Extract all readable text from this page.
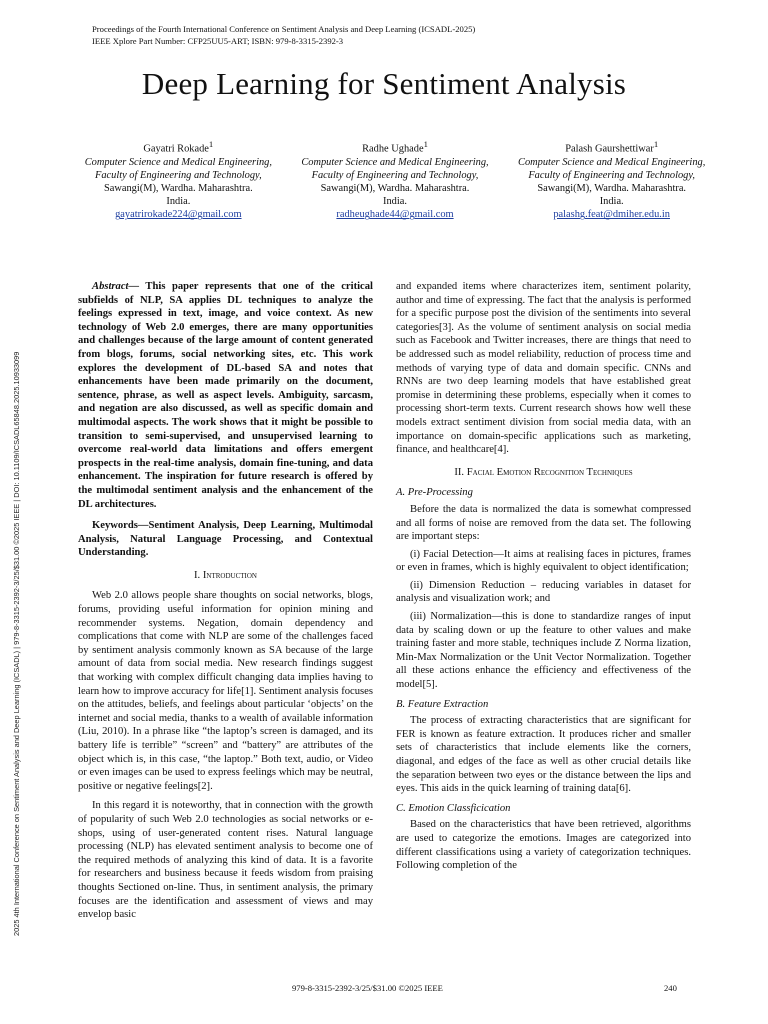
Proceedings of the Fourth International Conference on Sentiment Analysis and Deep Learning (ICSADL-2025)
IEEE Xplore Part Number: CFP25UU5-ART; ISBN: 979-8-3315-2392-3
Deep Learning for Sentiment Analysis
Gayatri Rokade$^1$
Computer Science and Medical Engineering,
Faculty of Engineering and Technology,
Sawangi(M), Wardha. Maharashtra.
India.
gayatrirokade224@gmail.com
Radhe Ughade$^1$
Computer Science and Medical Engineering,
Faculty of Engineering and Technology,
Sawangi(M), Wardha. Maharashtra.
India.
radheughade44@gmail.com
Palash Gaurshettiwar$^1$
Computer Science and Medical Engineering,
Faculty of Engineering and Technology,
Sawangi(M), Wardha. Maharashtra.
India.
palashg.feat@dmiher.edu.in
2025 4th International Conference on Sentiment Analysis and Deep Learning (ICSADL) | 979-8-3315-2392-3/25/$31.00 ©2025 IEEE | DOI: 10.1109/ICSADL65848.2025.10933099

Abstract— This paper represents that one of the critical subfields of NLP, SA applies DL techniques to analyze the feelings expressed in text, image, and voice context. As new technology of Web 2.0 emerges, there are many opportunities and challenges because of the large amount of content generated from blogs, forums, social networking sites, etc. This work explores the development of DL-based SA and notes that enhancements have been made primarily on the document, sentence, phrase, as well as aspect levels. Ambiguity, sarcasm, and negation are also discussed, as well as specific domain and multimodal aspects. The work shows that it might be possible to transition to semi-supervised, and unsupervised learning to overcome real-world data limitations and offers emergent prospects in the real-time analysis, domain fine-tuning, and data enhancement. The inspiration for future research is offered by the multimodal sentiment analysis and the enhancement of the DL architectures.

Keywords—Sentiment Analysis, Deep Learning, Multimodal Analysis, Natural Language Processing, and Contextual Understanding.

I. Introduction

Web 2.0 allows people share thoughts on social networks, blogs, forums, providing useful information for opinion mining and recommender systems. Negation, domain dependency and complications that come with NLP are some of the challenges faced by sentiment analysis commonly known as SA because of the large amount of data from social media. New research findings suggest that working with complex difficult changing data implies having to learn how to improve accuracy for life[1]. Sentiment analysis focuses on the attitudes, beliefs, and feelings about particular ‘objects’ on the internet and social media, thanks to a wealth of available information (Liu, 2010). In a phrase like “the laptop’s screen is damaged, and its battery life is terrible” “screen” and “battery” are attributes of the object which is, in this case, “the laptop.” Both text, audio, or Video or even images can be used to express feelings which may be neutral, positive or negative feelings[2].

In this regard it is noteworthy, that in connection with the growth of popularity of such Web 2.0 technologies as social networks or e-shops, using of user-generated content rises. Natural language processing (NLP) has elevated sentiment analysis to become one of the required methods of analyzing this kind of data. It is a favorite for researchers and business because it feeds wisdom from praising thoughts Sectioned on-line. Thus, in sentiment analysis, the primary focuses are the identification and assessment of views and may envelop basic

and expanded items where characterizes item, sentiment polarity, author and time of expressing. The fact that the analysis is performed for a specific purpose post the division of the sentiments into several categories[3]. As the volume of sentiment analysis on social media such as Facebook and Twitter increases, there are things that need to be addressed such as model reliability, reduction of process time and methods of varying type of data and domain specific. CNNs and RNNs are two deep learning models that have established great promise in determining these problems, especially when it comes to processing short-term texts. Current research shows how well these models extract sentiment division from social media data, with an importance on domain-specific applications such as marketing, finance, and healthcare[4].

II. Facial Emotion Recognition Techniques
A. Pre-Processing

Before the data is normalized the data is somewhat compressed and all forms of noise are removed from the data set. The following are important steps:

(i) Facial Detection—It aims at realising faces in pictures, frames or even in frames, which is highly equivalent to object identification;

(ii) Dimension Reduction – reducing variables in dataset for analysis and visualization work; and

(iii) Normalization—this is done to standardize ranges of input data by scaling down or up the feature to other values and make training faster and more stable, techniques include Z Norma lization, Min-Max Normalization or the Unit Vector Normalization. Together all these actions enhance the efficiency and effectiveness of the model[5].

B. Feature Extraction

The process of extracting characteristics that are significant for FER is known as feature extraction. It produces richer and smaller sets of characteristics that include elements like the corners, diagonal, and edges of the face as well as other crucial details like the separation between two eyes or the distance between the lips and eyes. This aids in the quick learning of training data[6].

C. Emotion Classficication

Based on the characteristics that have been retrieved, algorithms are used to categorize the emotions. Images are categorized into different classifications using a variety of categorization techniques. Following completion of the

979-8-3315-2392-3/25/$31.00 ©2025 IEEE	240
